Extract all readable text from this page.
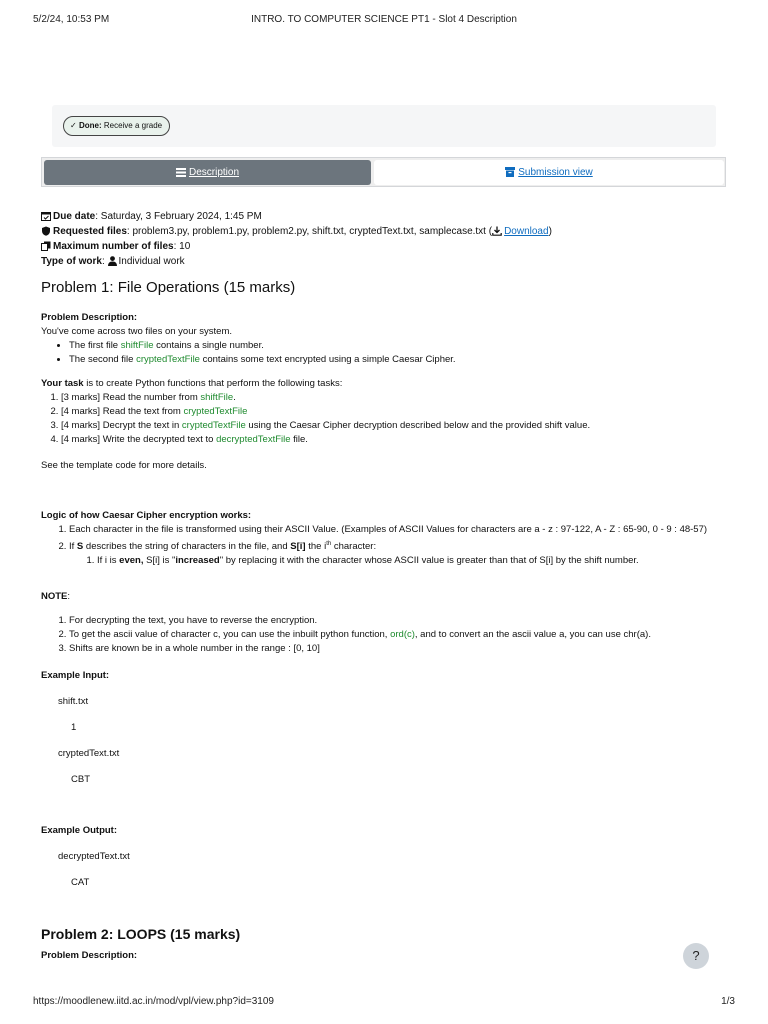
5/2/24, 10:53 PM	INTRO. TO COMPUTER SCIENCE PT1 - Slot 4 Description
✓ Done: Receive a grade
Description	Submission view
Due date: Saturday, 3 February 2024, 1:45 PM
Requested files: problem3.py, problem1.py, problem2.py, shift.txt, cryptedText.txt, samplecase.txt ( Download)
Maximum number of files: 10
Type of work: Individual work
Problem 1: File Operations (15 marks)
Problem Description:
You've come across two files on your system.
• The first file shiftFile contains a single number.
• The second file cryptedTextFile contains some text encrypted using a simple Caesar Cipher.
Your task is to create Python functions that perform the following tasks:
1. [3 marks] Read the number from shiftFile.
2. [4 marks] Read the text from cryptedTextFile
3. [4 marks] Decrypt the text in cryptedTextFile using the Caesar Cipher decryption described below and the provided shift value.
4. [4 marks] Write the decrypted text to decryptedTextFile file.
See the template code for more details.
Logic of how Caesar Cipher encryption works:
1. Each character in the file is transformed using their ASCII Value. (Examples of ASCII Values for characters are a - z : 97-122, A - Z : 65-90, 0 - 9 : 48-57)
2. If S describes the string of characters in the file, and S[i] the $i^{th}$ character:
1. If i is even, S[i] is "increased" by replacing it with the character whose ASCII value is greater than that of S[i] by the shift number.
NOTE:
1. For decrypting the text, you have to reverse the encryption.
2. To get the ascii value of character c, you can use the inbuilt python function, ord(c), and to convert an the ascii value a, you can use chr(a).
3. Shifts are known be in a whole number in the range : [0, 10]
Example Input:
shift.txt
1
cryptedText.txt
CBT
Example Output:
decryptedText.txt
CAT
Problem 2: LOOPS (15 marks)
Problem Description:	?
https://moodlenew.iitd.ac.in/mod/vpl/view.php?id=3109	1/3
